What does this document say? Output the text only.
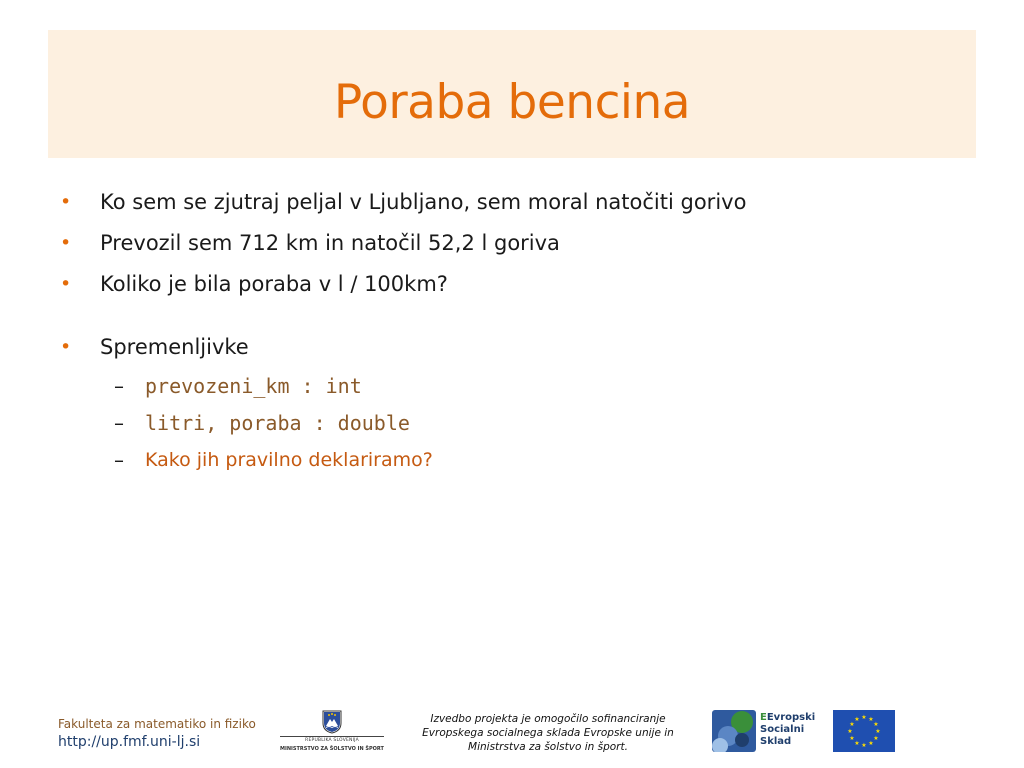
Poraba bencina
• Ko sem se zjutraj peljal v Ljubljano, sem moral natočiti gorivo
• Prevozil sem 712 km in natočil 52,2 l goriva
• Koliko je bila poraba v l / 100km?
• Spremenljivke
– prevozeni_km : int
– litri, poraba : double
– Kako jih pravilno deklariramo?
Fakulteta za matematiko in fiziko
http://up.fmf.uni-lj.si	REPUBLIKA SLOVENIJA
MINISTRSTVO ZA ŠOLSTVO IN ŠPORT
Izvedbo projekta je omogočilo sofinanciranje Evropskega socialnega sklada Evropske unije in Ministrstva za šolstvo in šport.
EEvropski
Socialni
Sklad
★ ★
★
★
★
★
★
★
★
★
★
★
